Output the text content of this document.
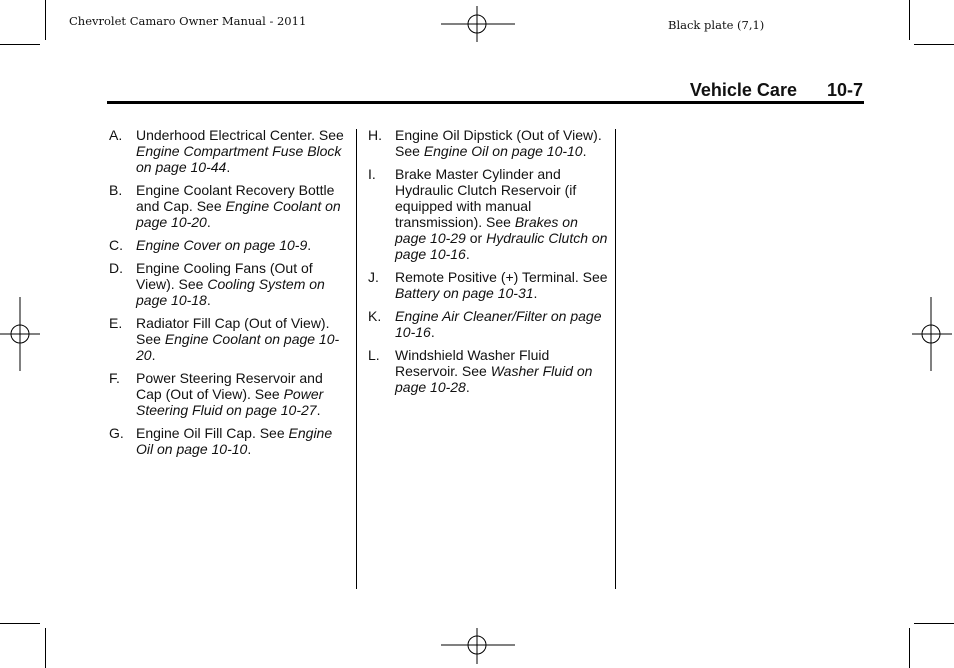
Chevrolet Camaro Owner Manual - 2011	Black plate (7,1)
Vehicle Care 10-7
A. Underhood Electrical Center. See Engine Compartment Fuse Block on page 10-44.
B. Engine Coolant Recovery Bottle and Cap. See Engine Coolant on page 10-20.
C. Engine Cover on page 10-9.
D. Engine Cooling Fans (Out of View). See Cooling System on page 10-18.
E. Radiator Fill Cap (Out of View). See Engine Coolant on page 10-20.
F. Power Steering Reservoir and Cap (Out of View). See Power Steering Fluid on page 10-27.
G. Engine Oil Fill Cap. See Engine Oil on page 10-10.
H. Engine Oil Dipstick (Out of View). See Engine Oil on page 10-10.
I. Brake Master Cylinder and Hydraulic Clutch Reservoir (if equipped with manual transmission). See Brakes on page 10-29 or Hydraulic Clutch on page 10-16.
J. Remote Positive (+) Terminal. See Battery on page 10-31.
K. Engine Air Cleaner/Filter on page 10-16.
L. Windshield Washer Fluid Reservoir. See Washer Fluid on page 10-28.
